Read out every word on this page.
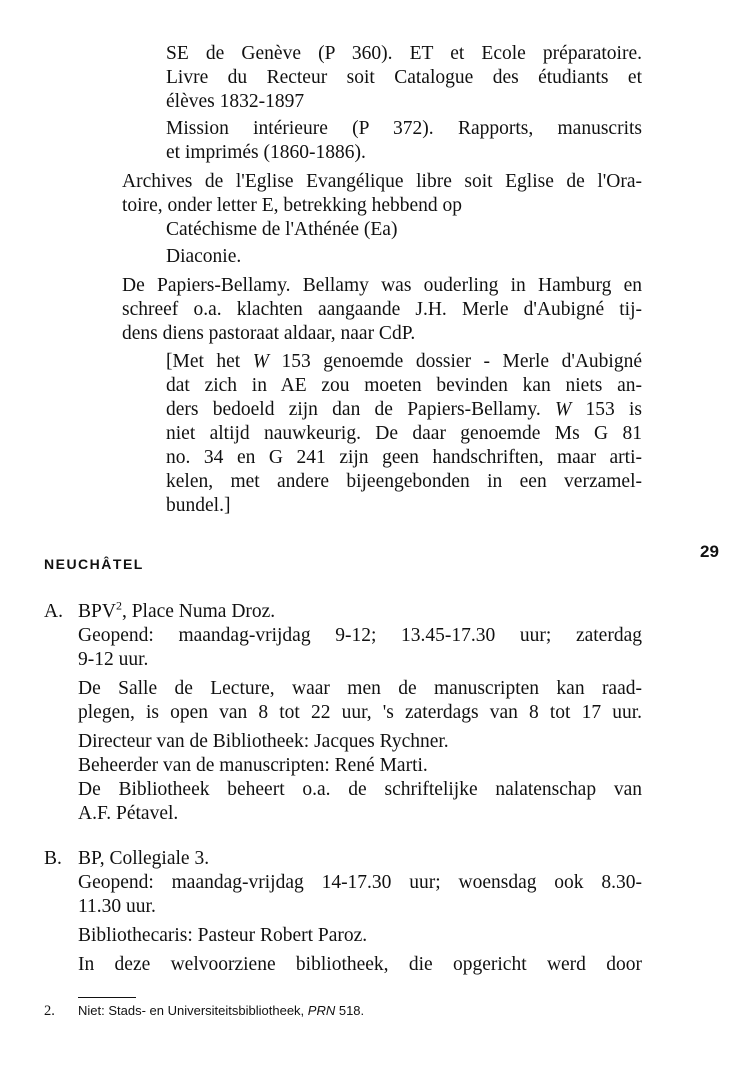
SE de Genève (P 360). ET et Ecole préparatoire.
Livre du Recteur soit Catalogue des étudiants et
élèves 1832-1897
Mission intérieure (P 372). Rapports, manuscrits
et imprimés (1860-1886).
Archives de l'Eglise Evangélique libre soit Eglise de l'Ora-
toire, onder letter E, betrekking hebbend op
Catéchisme de l'Athénée (Ea)
Diaconie.
De Papiers-Bellamy. Bellamy was ouderling in Hamburg en
schreef o.a. klachten aangaande J.H. Merle d'Aubigné tij-
dens diens pastoraat aldaar, naar CdP.
[Met het W 153 genoemde dossier - Merle d'Aubigné
dat zich in AE zou moeten bevinden kan niets an-
ders bedoeld zijn dan de Papiers-Bellamy. W 153 is
niet altijd nauwkeurig. De daar genoemde Ms G 81
no. 34 en G 241 zijn geen handschriften, maar arti-
kelen, met andere bijeengebonden in een verzamel-
bundel.]
NEUCHÂTEL
29
A. BPV$^2$, Place Numa Droz.
Geopend: maandag-vrijdag 9-12; 13.45-17.30 uur; zaterdag
9-12 uur.
De Salle de Lecture, waar men de manuscripten kan raad-
plegen, is open van 8 tot 22 uur, 's zaterdags van 8 tot 17 uur.
Directeur van de Bibliotheek: Jacques Rychner.
Beheerder van de manuscripten: René Marti.
De Bibliotheek beheert o.a. de schriftelijke nalatenschap van
A.F. Pétavel.
B. BP, Collegiale 3.
Geopend: maandag-vrijdag 14-17.30 uur; woensdag ook 8.30-
11.30 uur.
Bibliothecaris: Pasteur Robert Paroz.
In deze welvoorziene bibliotheek, die opgericht werd door
2. Niet: Stads- en Universiteitsbibliotheek, PRN 518.
